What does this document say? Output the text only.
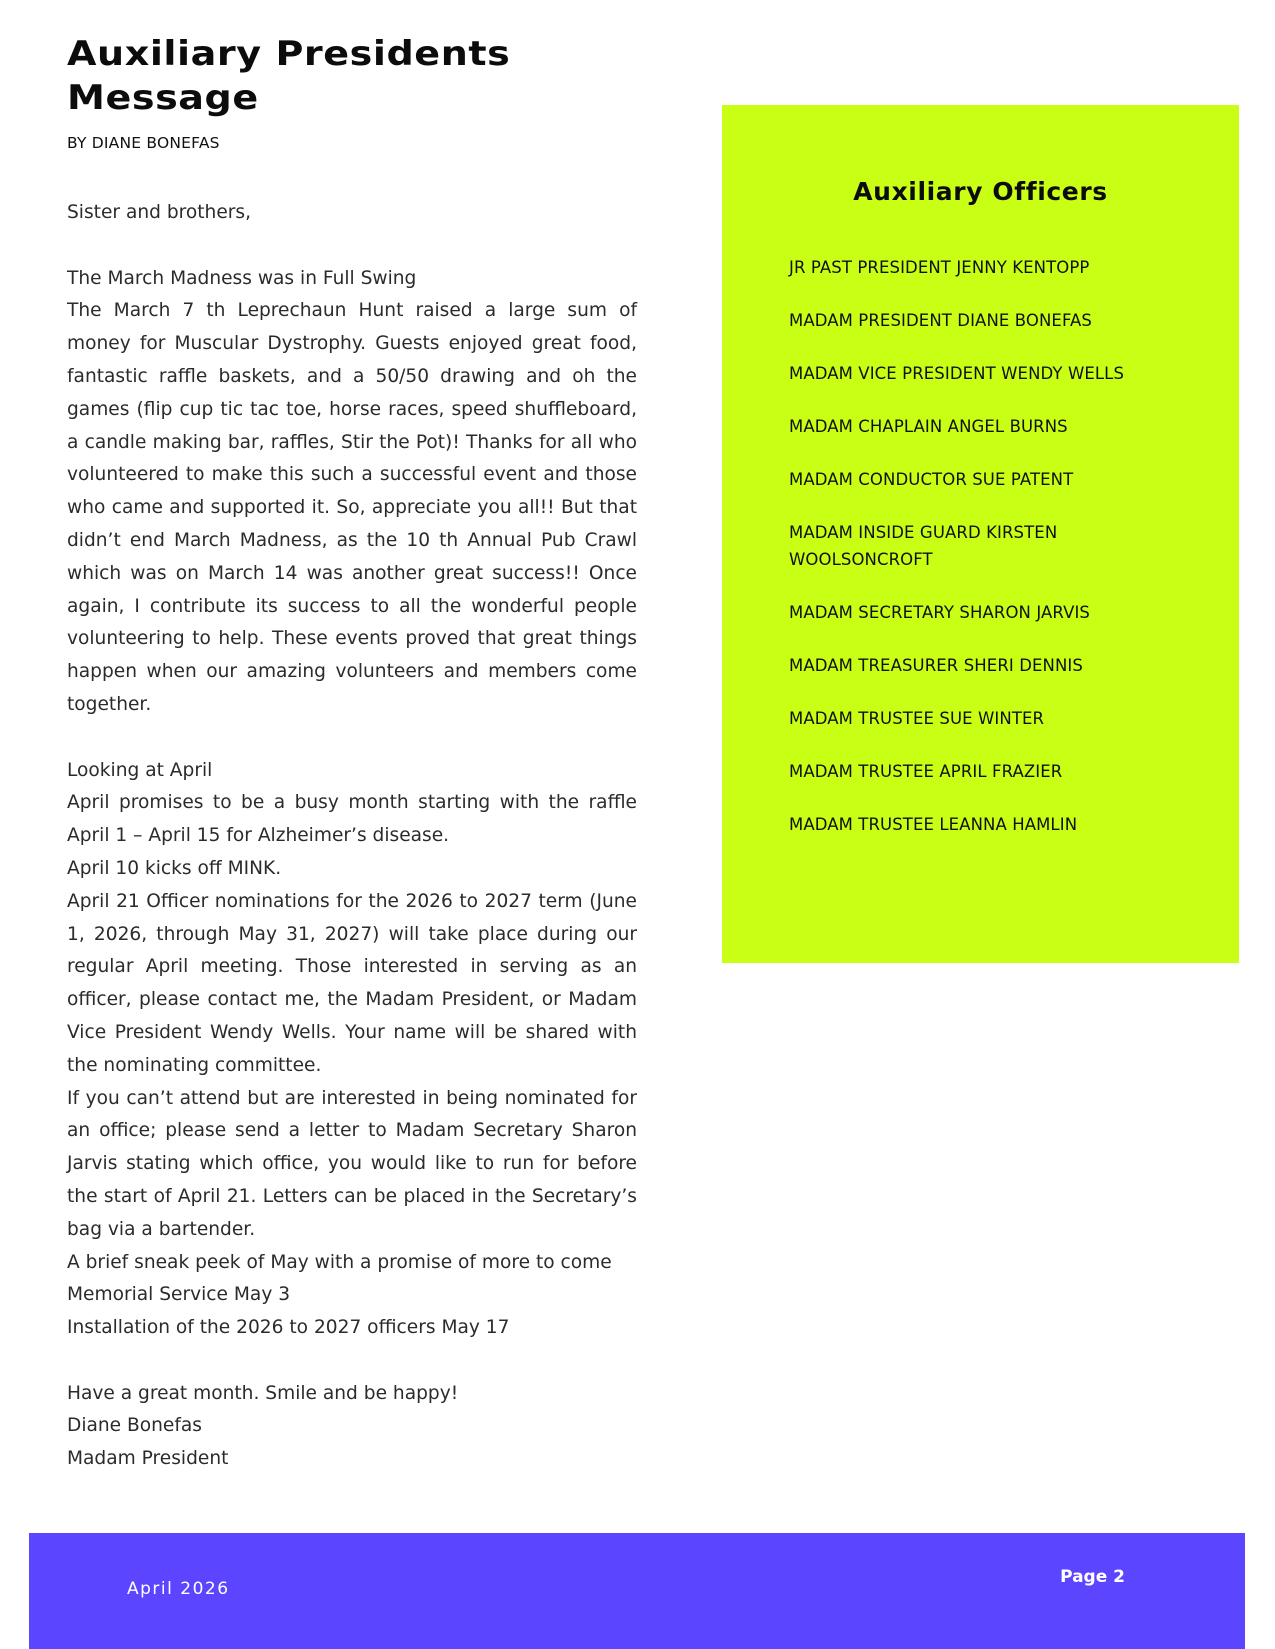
Auxiliary Presidents Message
BY DIANE BONEFAS

Sister and brothers,

The March Madness was in Full Swing

The March 7 th Leprechaun Hunt raised a large sum of money for Muscular Dystrophy. Guests enjoyed great food, fantastic raffle baskets, and a 50/50 drawing and oh the games (flip cup tic tac toe, horse races, speed shuffleboard, a candle making bar, raffles, Stir the Pot)! Thanks for all who volunteered to make this such a successful event and those who came and supported it. So, appreciate you all!! But that didn’t end March Madness, as the 10 th Annual Pub Crawl which was on March 14 was another great success!! Once again, I contribute its success to all the wonderful people volunteering to help. These events proved that great things happen when our amazing volunteers and members come together.

Looking at April

April promises to be a busy month starting with the raffle April 1 – April 15 for Alzheimer’s disease.

April 10 kicks off MINK.

April 21 Officer nominations for the 2026 to 2027 term (June 1, 2026, through May 31, 2027) will take place during our regular April meeting. Those interested in serving as an officer, please contact me, the Madam President, or Madam Vice President Wendy Wells. Your name will be shared with the nominating committee.

If you can’t attend but are interested in being nominated for an office; please send a letter to Madam Secretary Sharon Jarvis stating which office, you would like to run for before the start of April 21. Letters can be placed in the Secretary’s bag via a bartender.

A brief sneak peek of May with a promise of more to come

Memorial Service May 3

Installation of the 2026 to 2027 officers May 17

Have a great month. Smile and be happy!

Diane Bonefas

Madam President

Auxiliary Officers
JR PAST PRESIDENT JENNY KENTOPP
MADAM PRESIDENT DIANE BONEFAS
MADAM VICE PRESIDENT WENDY WELLS
MADAM CHAPLAIN ANGEL BURNS
MADAM CONDUCTOR SUE PATENT
MADAM INSIDE GUARD KIRSTEN WOOLSONCROFT
MADAM SECRETARY SHARON JARVIS
MADAM TREASURER SHERI DENNIS
MADAM TRUSTEE SUE WINTER
MADAM TRUSTEE APRIL FRAZIER
MADAM TRUSTEE LEANNA HAMLIN
April 2026
Page 2
